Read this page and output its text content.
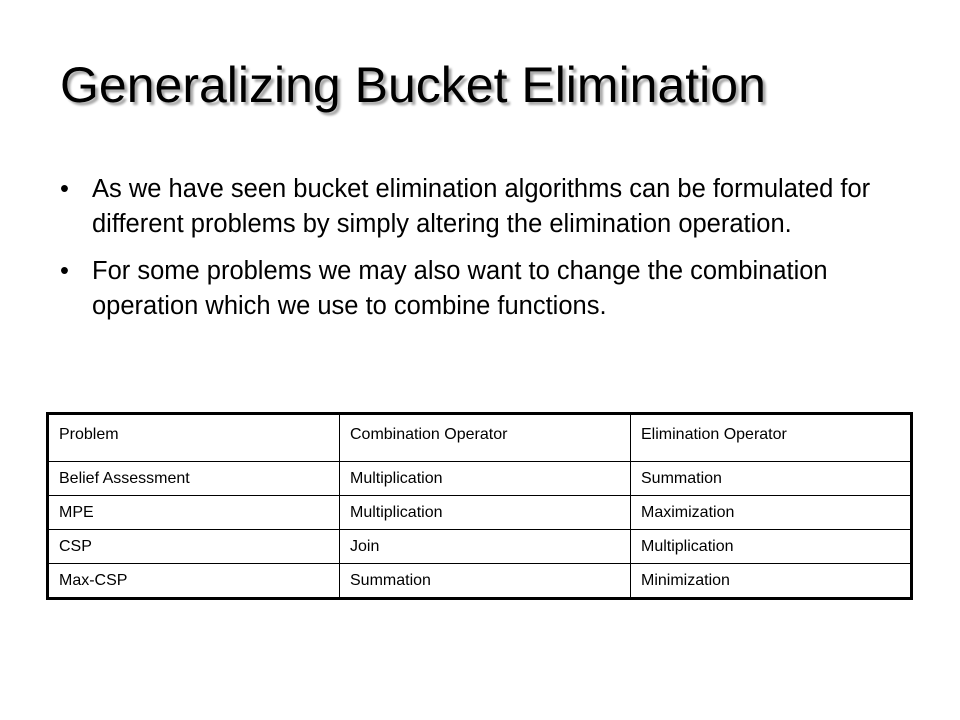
Generalizing Bucket Elimination
• As we have seen bucket elimination algorithms can be formulated for different problems by simply altering the elimination operation.
• For some problems we may also want to change the combination operation which we use to combine functions.
Problem	Combination Operator	Elimination Operator
Belief Assessment	Multiplication	Summation
MPE	Multiplication	Maximization
CSP	Join	Multiplication
Max-CSP	Summation	Minimization
